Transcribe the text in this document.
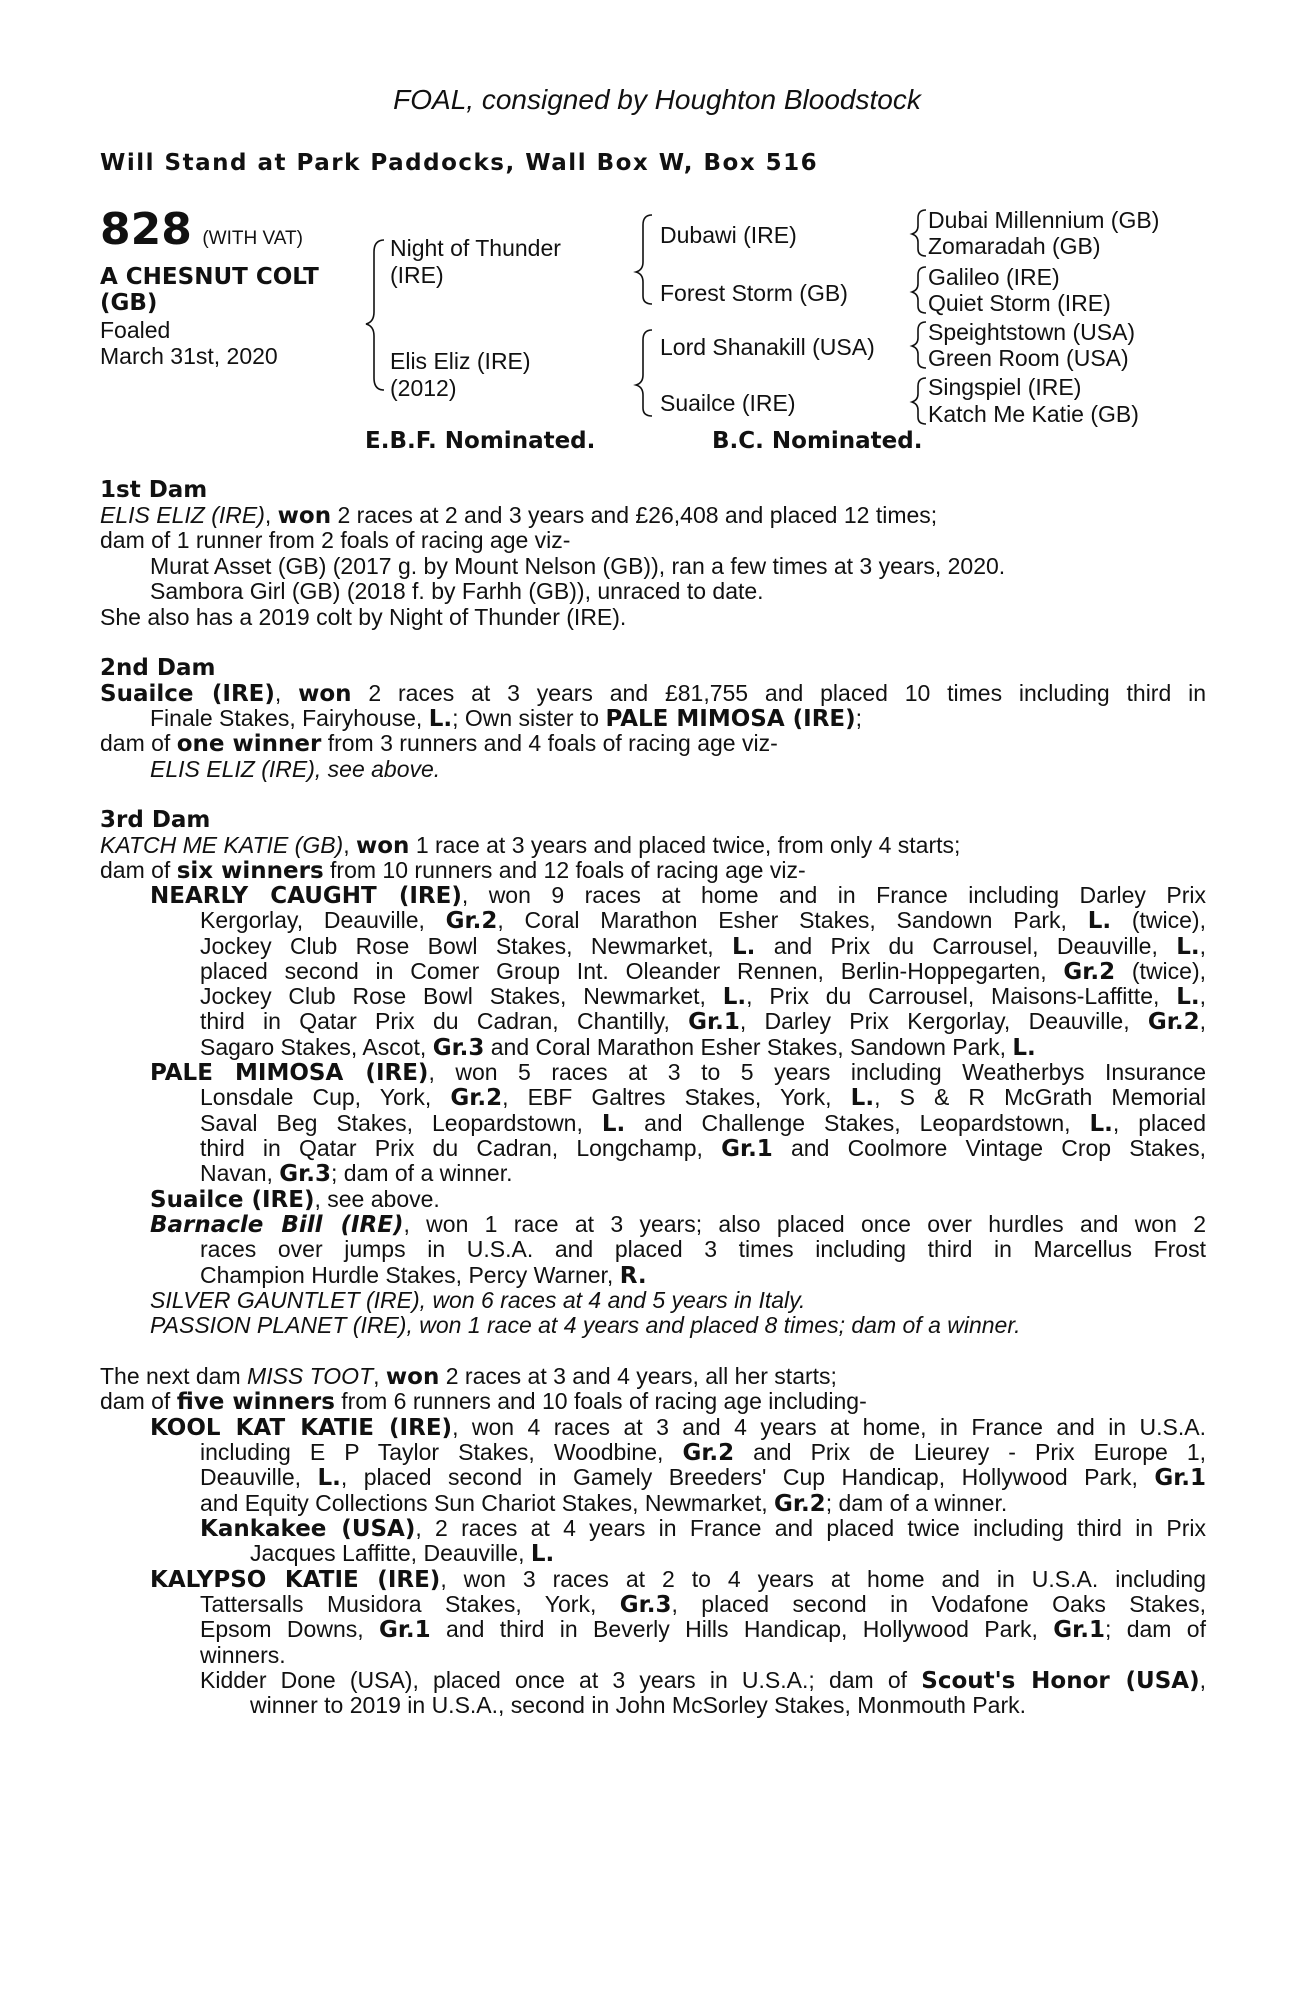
FOAL, consigned by Houghton Bloodstock
Will Stand at Park Paddocks, Wall Box W, Box 516
828 (WITH VAT)
A CHESNUT COLT
(GB)
Foaled
March 31st, 2020
Night of Thunder
(IRE)
Elis Eliz (IRE)
(2012)
Dubawi (IRE)
Forest Storm (GB)
Lord Shanakill (USA)
Suailce (IRE)
Dubai Millennium (GB)
Zomaradah (GB)
Galileo (IRE)
Quiet Storm (IRE)
Speightstown (USA)
Green Room (USA)
Singspiel (IRE)
Katch Me Katie (GB)
E.B.F. Nominated.	B.C. Nominated.
1st Dam
ELIS ELIZ (IRE), won 2 races at 2 and 3 years and £26,408 and placed 12 times;
dam of 1 runner from 2 foals of racing age viz-
Murat Asset (GB) (2017 g. by Mount Nelson (GB)), ran a few times at 3 years, 2020.
Sambora Girl (GB) (2018 f. by Farhh (GB)), unraced to date.
She also has a 2019 colt by Night of Thunder (IRE).
2nd Dam
Suailce (IRE), won 2 races at 3 years and £81,755 and placed 10 times including third in
Finale Stakes, Fairyhouse, L.; Own sister to PALE MIMOSA (IRE);
dam of one winner from 3 runners and 4 foals of racing age viz-
ELIS ELIZ (IRE), see above.
3rd Dam
KATCH ME KATIE (GB), won 1 race at 3 years and placed twice, from only 4 starts;
dam of six winners from 10 runners and 12 foals of racing age viz-
NEARLY CAUGHT (IRE), won 9 races at home and in France including Darley Prix
Kergorlay, Deauville, Gr.2, Coral Marathon Esher Stakes, Sandown Park, L. (twice),
Jockey Club Rose Bowl Stakes, Newmarket, L. and Prix du Carrousel, Deauville, L.,
placed second in Comer Group Int. Oleander Rennen, Berlin-Hoppegarten, Gr.2 (twice),
Jockey Club Rose Bowl Stakes, Newmarket, L., Prix du Carrousel, Maisons-Laffitte, L.,
third in Qatar Prix du Cadran, Chantilly, Gr.1, Darley Prix Kergorlay, Deauville, Gr.2,
Sagaro Stakes, Ascot, Gr.3 and Coral Marathon Esher Stakes, Sandown Park, L.
PALE MIMOSA (IRE), won 5 races at 3 to 5 years including Weatherbys Insurance
Lonsdale Cup, York, Gr.2, EBF Galtres Stakes, York, L., S & R McGrath Memorial
Saval Beg Stakes, Leopardstown, L. and Challenge Stakes, Leopardstown, L., placed
third in Qatar Prix du Cadran, Longchamp, Gr.1 and Coolmore Vintage Crop Stakes,
Navan, Gr.3; dam of a winner.
Suailce (IRE), see above.
Barnacle Bill (IRE), won 1 race at 3 years; also placed once over hurdles and won 2
races over jumps in U.S.A. and placed 3 times including third in Marcellus Frost
Champion Hurdle Stakes, Percy Warner, R.
SILVER GAUNTLET (IRE), won 6 races at 4 and 5 years in Italy.
PASSION PLANET (IRE), won 1 race at 4 years and placed 8 times; dam of a winner.
The next dam MISS TOOT, won 2 races at 3 and 4 years, all her starts;
dam of five winners from 6 runners and 10 foals of racing age including-
KOOL KAT KATIE (IRE), won 4 races at 3 and 4 years at home, in France and in U.S.A.
including E P Taylor Stakes, Woodbine, Gr.2 and Prix de Lieurey - Prix Europe 1,
Deauville, L., placed second in Gamely Breeders' Cup Handicap, Hollywood Park, Gr.1
and Equity Collections Sun Chariot Stakes, Newmarket, Gr.2; dam of a winner.
Kankakee (USA), 2 races at 4 years in France and placed twice including third in Prix
Jacques Laffitte, Deauville, L.
KALYPSO KATIE (IRE), won 3 races at 2 to 4 years at home and in U.S.A. including
Tattersalls Musidora Stakes, York, Gr.3, placed second in Vodafone Oaks Stakes,
Epsom Downs, Gr.1 and third in Beverly Hills Handicap, Hollywood Park, Gr.1; dam of
winners.
Kidder Done (USA), placed once at 3 years in U.S.A.; dam of Scout's Honor (USA),
winner to 2019 in U.S.A., second in John McSorley Stakes, Monmouth Park.
